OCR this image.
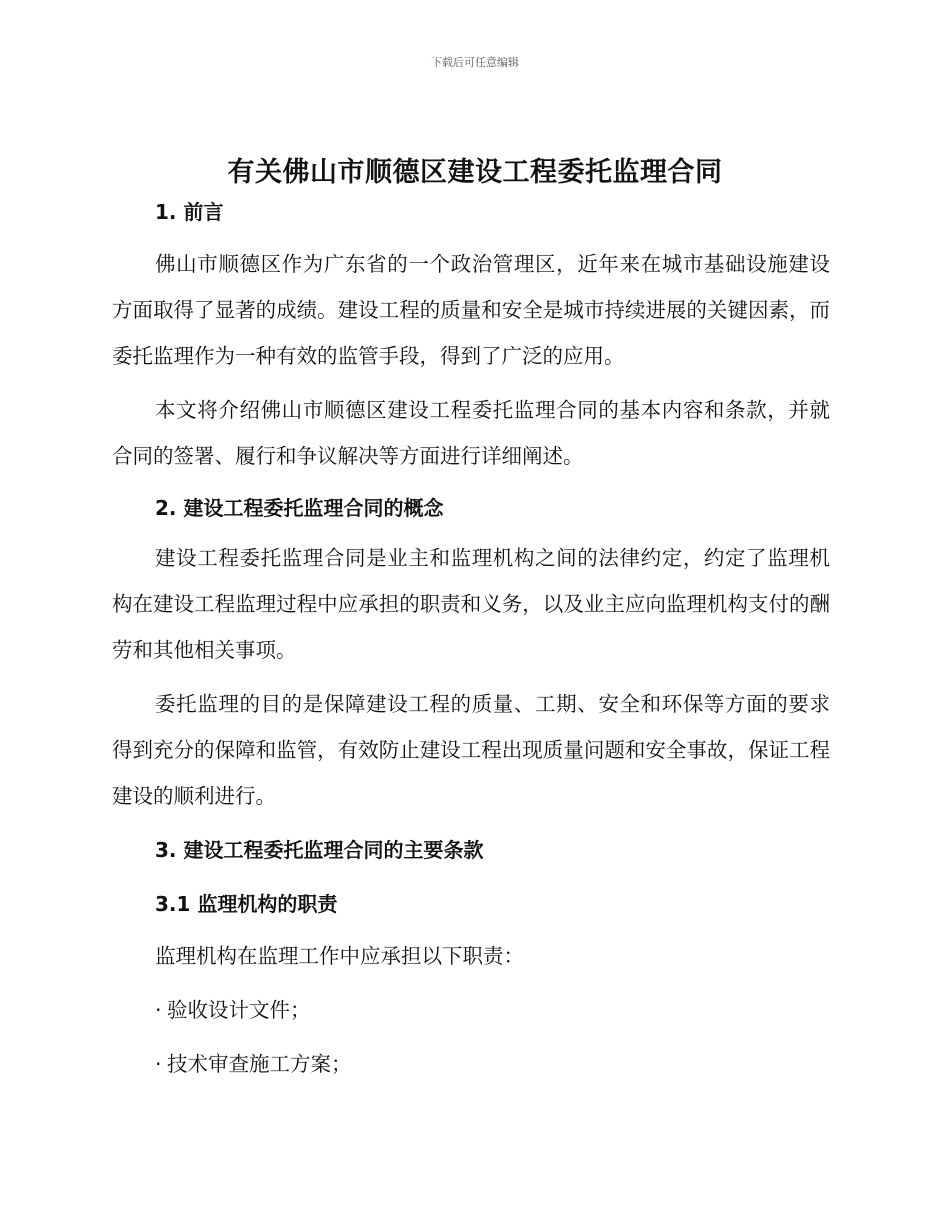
下载后可任意编辑
有关佛山市顺德区建设工程委托监理合同

1. 前言

佛山市顺德区作为广东省的一个政治管理区，近年来在城市基础设施建设方面取得了显著的成绩。建设工程的质量和安全是城市持续进展的关键因素，而委托监理作为一种有效的监管手段，得到了广泛的应用。

本文将介绍佛山市顺德区建设工程委托监理合同的基本内容和条款，并就合同的签署、履行和争议解决等方面进行详细阐述。

2. 建设工程委托监理合同的概念

建设工程委托监理合同是业主和监理机构之间的法律约定，约定了监理机构在建设工程监理过程中应承担的职责和义务，以及业主应向监理机构支付的酬劳和其他相关事项。

委托监理的目的是保障建设工程的质量、工期、安全和环保等方面的要求得到充分的保障和监管，有效防止建设工程出现质量问题和安全事故，保证工程建设的顺利进行。

3. 建设工程委托监理合同的主要条款

3.1 监理机构的职责

监理机构在监理工作中应承担以下职责：

· 验收设计文件；

· 技术审查施工方案；
